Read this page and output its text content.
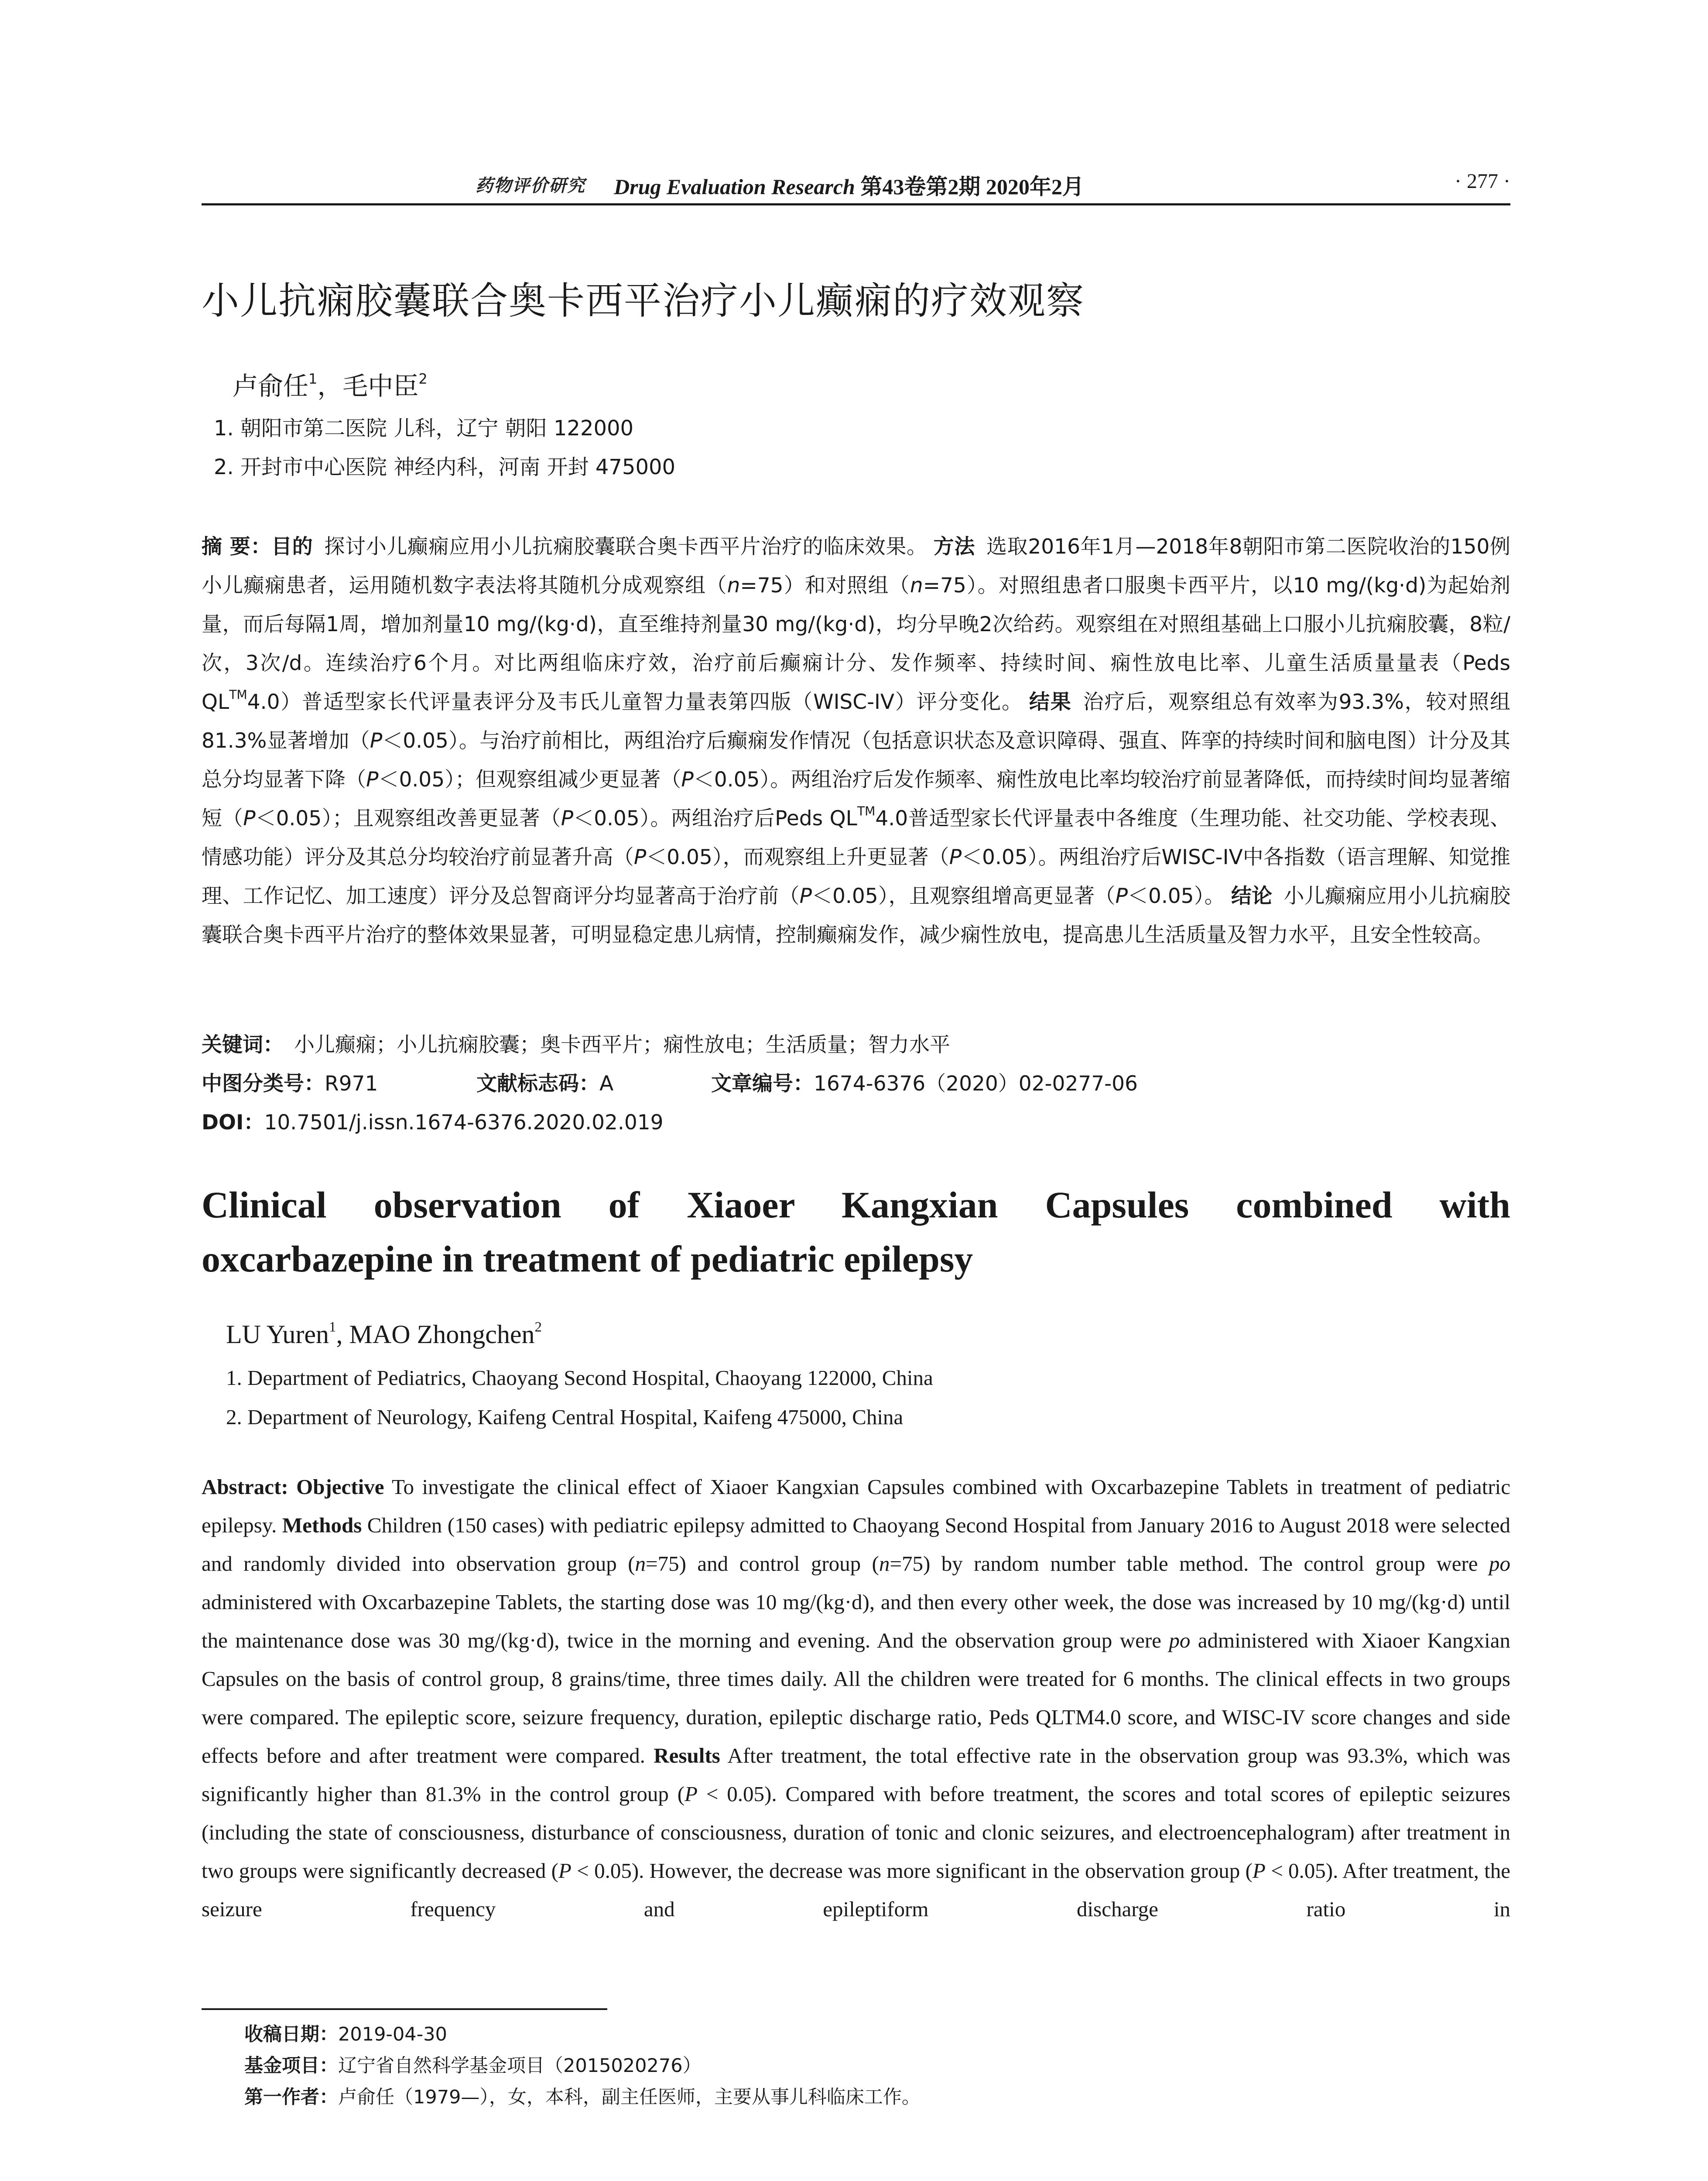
药物评价研究 Drug Evaluation Research 第43卷第2期 2020年2月	· 277 ·
小儿抗痫胶囊联合奥卡西平治疗小儿癫痫的疗效观察
卢俞任$^1$，毛中臣$^2$
1. 朝阳市第二医院 儿科，辽宁 朝阳 122000
2. 开封市中心医院 神经内科，河南 开封 475000
摘 要：目的 探讨小儿癫痫应用小儿抗痫胶囊联合奥卡西平片治疗的临床效果。 方法 选取2016年1月—2018年8朝阳市第二医院收治的150例小儿癫痫患者，运用随机数字表法将其随机分成观察组（n=75）和对照组（n=75）。对照组患者口服奥卡西平片，以10 mg/(kg·d)为起始剂量，而后每隔1周，增加剂量10 mg/(kg·d)，直至维持剂量30 mg/(kg·d)，均分早晚2次给药。观察组在对照组基础上口服小儿抗痫胶囊，8粒/次，3次/d。连续治疗6个月。对比两组临床疗效，治疗前后癫痫计分、发作频率、持续时间、痫性放电比率、儿童生活质量量表（Peds QL™4.0）普适型家长代评量表评分及韦氏儿童智力量表第四版（WISC-IV）评分变化。 结果 治疗后，观察组总有效率为93.3%，较对照组81.3%显著增加（P＜0.05）。与治疗前相比，两组治疗后癫痫发作情况（包括意识状态及意识障碍、强直、阵挛的持续时间和脑电图）计分及其总分均显著下降（P＜0.05）；但观察组减少更显著（P＜0.05）。两组治疗后发作频率、痫性放电比率均较治疗前显著降低，而持续时间均显著缩短（P＜0.05）；且观察组改善更显著（P＜0.05）。两组治疗后Peds QL™4.0普适型家长代评量表中各维度（生理功能、社交功能、学校表现、情感功能）评分及其总分均较治疗前显著升高（P＜0.05），而观察组上升更显著（P＜0.05）。两组治疗后WISC-IV中各指数（语言理解、知觉推理、工作记忆、加工速度）评分及总智商评分均显著高于治疗前（P＜0.05），且观察组增高更显著（P＜0.05）。 结论 小儿癫痫应用小儿抗痫胶囊联合奥卡西平片治疗的整体效果显著，可明显稳定患儿病情，控制癫痫发作，减少痫性放电，提高患儿生活质量及智力水平，且安全性较高。
关键词： 小儿癫痫；小儿抗痫胶囊；奥卡西平片；痫性放电；生活质量；智力水平
中图分类号：R971	文献标志码：A	文章编号：1674-6376（2020）02-0277-06
DOI：10.7501/j.issn.1674-6376.2020.02.019
Clinical observation of Xiaoer Kangxian Capsules combined with
oxcarbazepine in treatment of pediatric epilepsy
LU Yuren$^1$, MAO Zhongchen$^2$
1. Department of Pediatrics, Chaoyang Second Hospital, Chaoyang 122000, China
2. Department of Neurology, Kaifeng Central Hospital, Kaifeng 475000, China
Abstract: Objective To investigate the clinical effect of Xiaoer Kangxian Capsules combined with Oxcarbazepine Tablets in treatment of pediatric epilepsy. Methods Children (150 cases) with pediatric epilepsy admitted to Chaoyang Second Hospital from January 2016 to August 2018 were selected and randomly divided into observation group (n=75) and control group (n=75) by random number table method. The control group were po administered with Oxcarbazepine Tablets, the starting dose was 10 mg/(kg·d), and then every other week, the dose was increased by 10 mg/(kg·d) until the maintenance dose was 30 mg/(kg·d), twice in the morning and evening. And the observation group were po administered with Xiaoer Kangxian Capsules on the basis of control group, 8 grains/time, three times daily. All the children were treated for 6 months. The clinical effects in two groups were compared. The epileptic score, seizure frequency, duration, epileptic discharge ratio, Peds QLTM4.0 score, and WISC-IV score changes and side effects before and after treatment were compared. Results After treatment, the total effective rate in the observation group was 93.3%, which was significantly higher than 81.3% in the control group (P < 0.05). Compared with before treatment, the scores and total scores of epileptic seizures (including the state of consciousness, disturbance of consciousness, duration of tonic and clonic seizures, and electroencephalogram) after treatment in two groups were significantly decreased (P < 0.05). However, the decrease was more significant in the observation group (P < 0.05). After treatment, the seizure frequency and epileptiform discharge ratio in
收稿日期：2019-04-30
基金项目：辽宁省自然科学基金项目（2015020276）
第一作者：卢俞任（1979—），女，本科，副主任医师，主要从事儿科临床工作。
